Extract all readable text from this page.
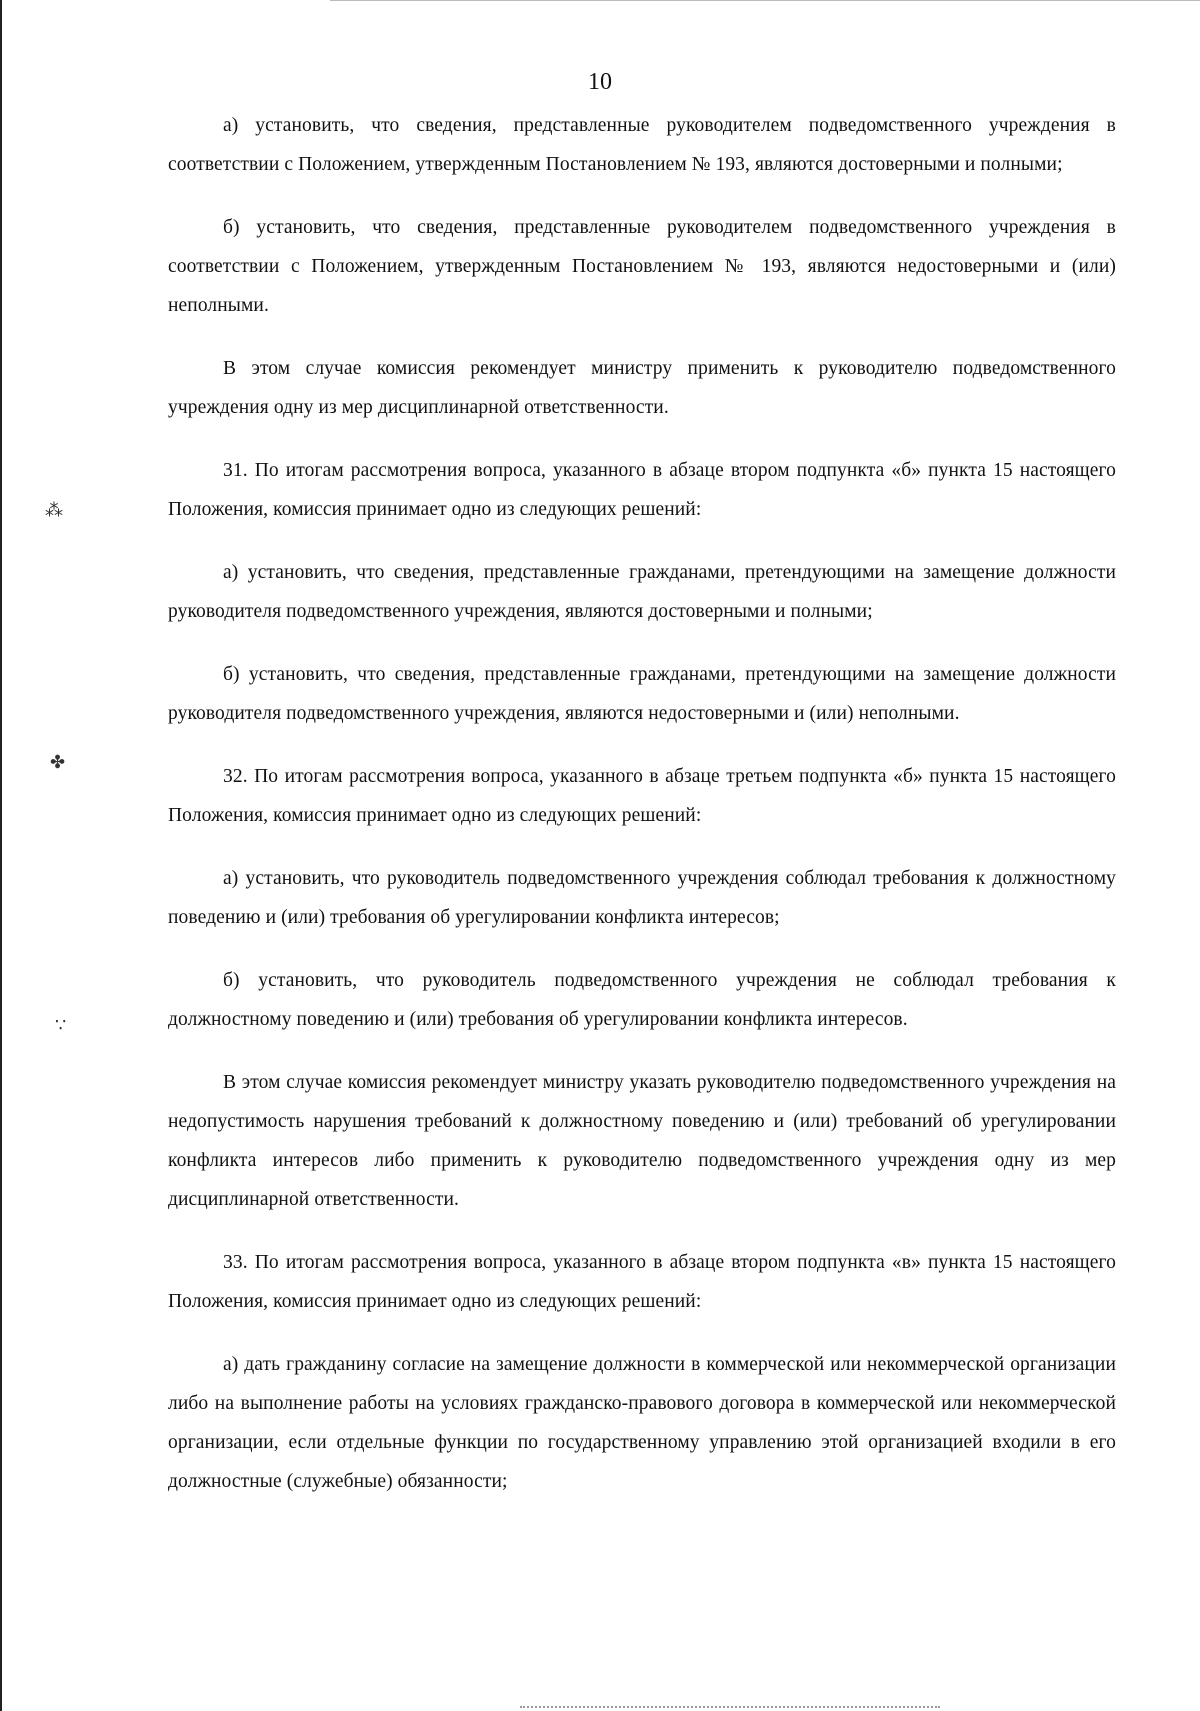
⁂
✤
∵
10

а) установить, что сведения, представленные руководителем подведомственного учреждения в соответствии с Положением, утвержденным Постановлением № 193, являются достоверными и полными;

б) установить, что сведения, представленные руководителем подведомственного учреждения в соответствии с Положением, утвержденным Постановлением № 193, являются недостоверными и (или) неполными.

В этом случае комиссия рекомендует министру применить к руководителю подведомственного учреждения одну из мер дисциплинарной ответственности.

31. По итогам рассмотрения вопроса, указанного в абзаце втором подпункта «б» пункта 15 настоящего Положения, комиссия принимает одно из следующих решений:

а) установить, что сведения, представленные гражданами, претендующими на замещение должности руководителя подведомственного учреждения, являются достоверными и полными;

б) установить, что сведения, представленные гражданами, претендующими на замещение должности руководителя подведомственного учреждения, являются недостоверными и (или) неполными.

32. По итогам рассмотрения вопроса, указанного в абзаце третьем подпункта «б» пункта 15 настоящего Положения, комиссия принимает одно из следующих решений:

а) установить, что руководитель подведомственного учреждения соблюдал требования к должностному поведению и (или) требования об урегулировании конфликта интересов;

б) установить, что руководитель подведомственного учреждения не соблюдал требования к должностному поведению и (или) требования об урегулировании конфликта интересов.

В этом случае комиссия рекомендует министру указать руководителю подведомственного учреждения на недопустимость нарушения требований к должностному поведению и (или) требований об урегулировании конфликта интересов либо применить к руководителю подведомственного учреждения одну из мер дисциплинарной ответственности.

33. По итогам рассмотрения вопроса, указанного в абзаце втором подпункта «в» пункта 15 настоящего Положения, комиссия принимает одно из следующих решений:

а) дать гражданину согласие на замещение должности в коммерческой или некоммерческой организации либо на выполнение работы на условиях гражданско-правового договора в коммерческой или некоммерческой организации, если отдельные функции по государственному управлению этой организацией входили в его должностные (служебные) обязанности;
